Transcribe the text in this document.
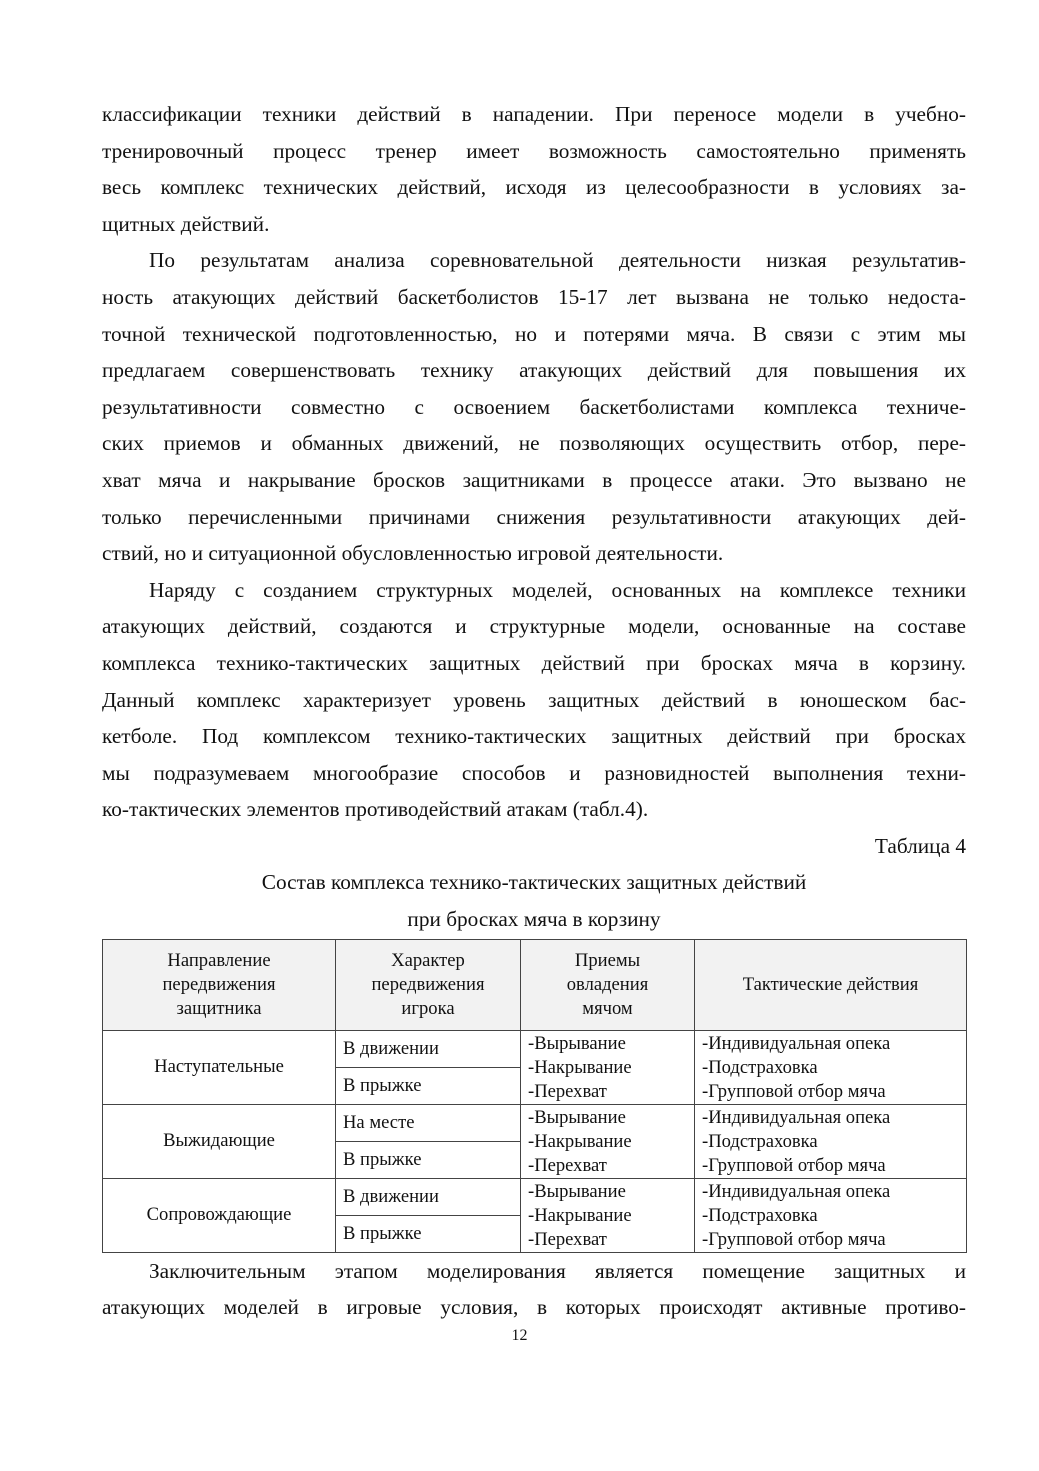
классификации техники действий в нападении. При переносе модели в учебно-
тренировочный процесс тренер имеет возможность самостоятельно применять
весь комплекс технических действий, исходя из целесообразности в условиях за-
щитных действий.

По результатам анализа соревновательной деятельности низкая результатив-
ность атакующих действий баскетболистов 15-17 лет вызвана не только недоста-
точной технической подготовленностью, но и потерями мяча. В связи с этим мы
предлагаем совершенствовать технику атакующих действий для повышения их
результативности совместно с освоением баскетболистами комплекса техниче-
ских приемов и обманных движений, не позволяющих осуществить отбор, пере-
хват мяча и накрывание бросков защитниками в процессе атаки. Это вызвано не
только перечисленными причинами снижения результативности атакующих дей-
ствий, но и ситуационной обусловленностью игровой деятельности.

Наряду с созданием структурных моделей, основанных на комплексе техники
атакующих действий, создаются и структурные модели, основанные на составе
комплекса технико-тактических защитных действий при бросках мяча в корзину.
Данный комплекс характеризует уровень защитных действий в юношеском бас-
кетболе. Под комплексом технико-тактических защитных действий при бросках
мы подразумеваем многообразие способов и разновидностей выполнения техни-
ко-тактических элементов противодействий атакам (табл.4).

Таблица 4

Состав комплекса технико-тактических защитных действий

при бросках мяча в корзину

Направление
передвижения
защитника	Характер
передвижения
игрока	Приемы
овладения
мячом	Тактические действия
Наступательные	В движении	-Вырывание
-Накрывание
-Перехват	-Индивидуальная опека
-Подстраховка
-Групповой отбор мяча

	В прыжке		
Выжидающие	На месте	-Вырывание
-Накрывание
-Перехват	-Индивидуальная опека
-Подстраховка
-Групповой отбор мяча

	В прыжке		
Сопровождающие	В движении	-Вырывание
-Накрывание
-Перехват	-Индивидуальная опека
-Подстраховка
-Групповой отбор мяча

	В прыжке		

Заключительным этапом моделирования является помещение защитных и
атакующих моделей в игровые условия, в которых происходят активные противо-

12
